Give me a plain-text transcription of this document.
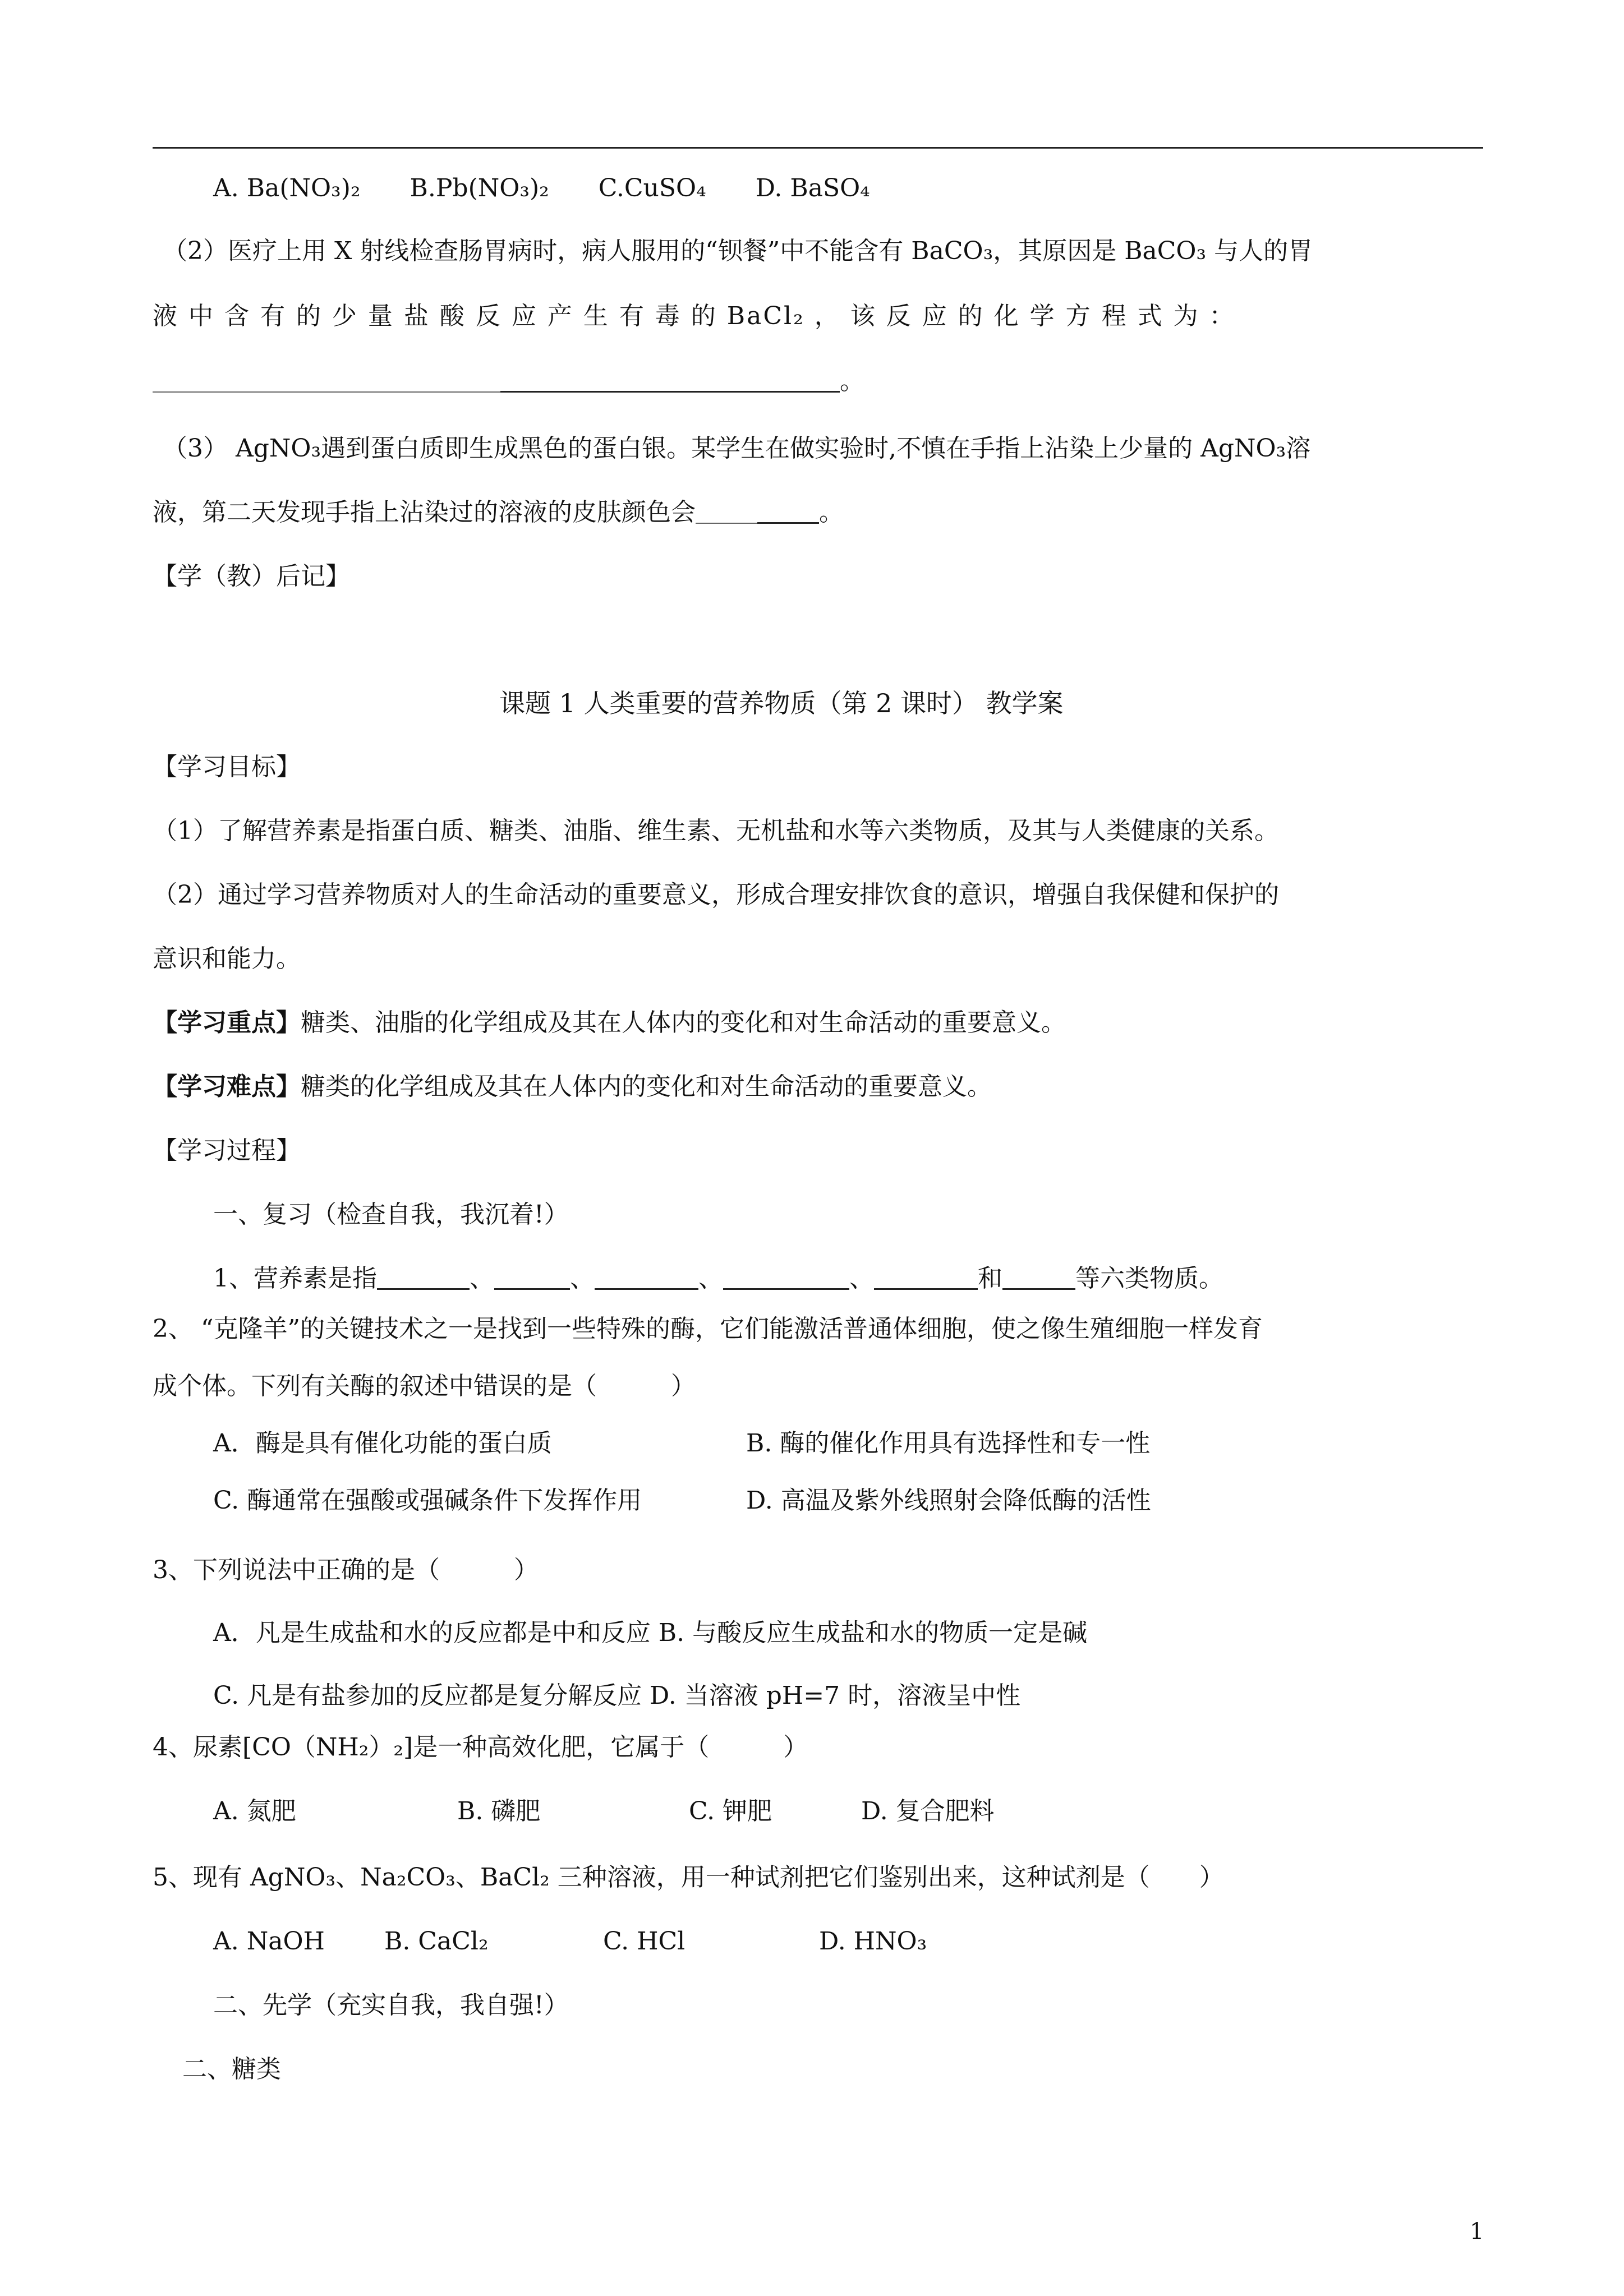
A. Ba(NO₃)₂　　B.Pb(NO₃)₂　　C.CuSO₄　　D. BaSO₄
（2）医疗上用 X 射线检查肠胃病时，病人服用的“钡餐”中不能含有 BaCO₃，其原因是 BaCO₃ 与人的胃
液 中 含 有 的 少 量 盐 酸 反 应 产 生 有 毒 的 BaCl₂ ， 该 反 应 的 化 学 方 程 式 为 ：
。
（3） AgNO₃遇到蛋白质即生成黑色的蛋白银。某学生在做实验时,不慎在手指上沾染上少量的 AgNO₃溶
液，第二天发现手指上沾染过的溶液的皮肤颜色会	。
【学（教）后记】
课题 1 人类重要的营养物质（第 2 课时） 教学案
【学习目标】
（1）了解营养素是指蛋白质、糖类、油脂、维生素、无机盐和水等六类物质，及其与人类健康的关系。
（2）通过学习营养物质对人的生命活动的重要意义，形成合理安排饮食的意识，增强自我保健和保护的
意识和能力。
【学习重点】糖类、油脂的化学组成及其在人体内的变化和对生命活动的重要意义。
【学习难点】糖类的化学组成及其在人体内的变化和对生命活动的重要意义。
【学习过程】
一、复习（检查自我，我沉着!）
1、营养素是指	、	、	、	、	和	等六类物质。
2、 “克隆羊”的关键技术之一是找到一些特殊的酶，它们能激活普通体细胞，使之像生殖细胞一样发育
成个体。下列有关酶的叙述中错误的是（　　　）
A．酶是具有催化功能的蛋白质	B. 酶的催化作用具有选择性和专一性
C. 酶通常在强酸或强碱条件下发挥作用	D. 高温及紫外线照射会降低酶的活性
3、下列说法中正确的是（　　　）
A．凡是生成盐和水的反应都是中和反应 B. 与酸反应生成盐和水的物质一定是碱
C. 凡是有盐参加的反应都是复分解反应 D. 当溶液 pH=7 时，溶液呈中性
4、尿素[CO（NH₂）₂]是一种高效化肥，它属于（　　　）
A. 氮肥	B. 磷肥	C. 钾肥	D. 复合肥料
5、现有 AgNO₃、Na₂CO₃、BaCl₂ 三种溶液，用一种试剂把它们鉴别出来，这种试剂是（　　）
A. NaOH B. CaCl₂	C. HCl	D. HNO₃
二、先学（充实自我，我自强!）
二、糖类
1
